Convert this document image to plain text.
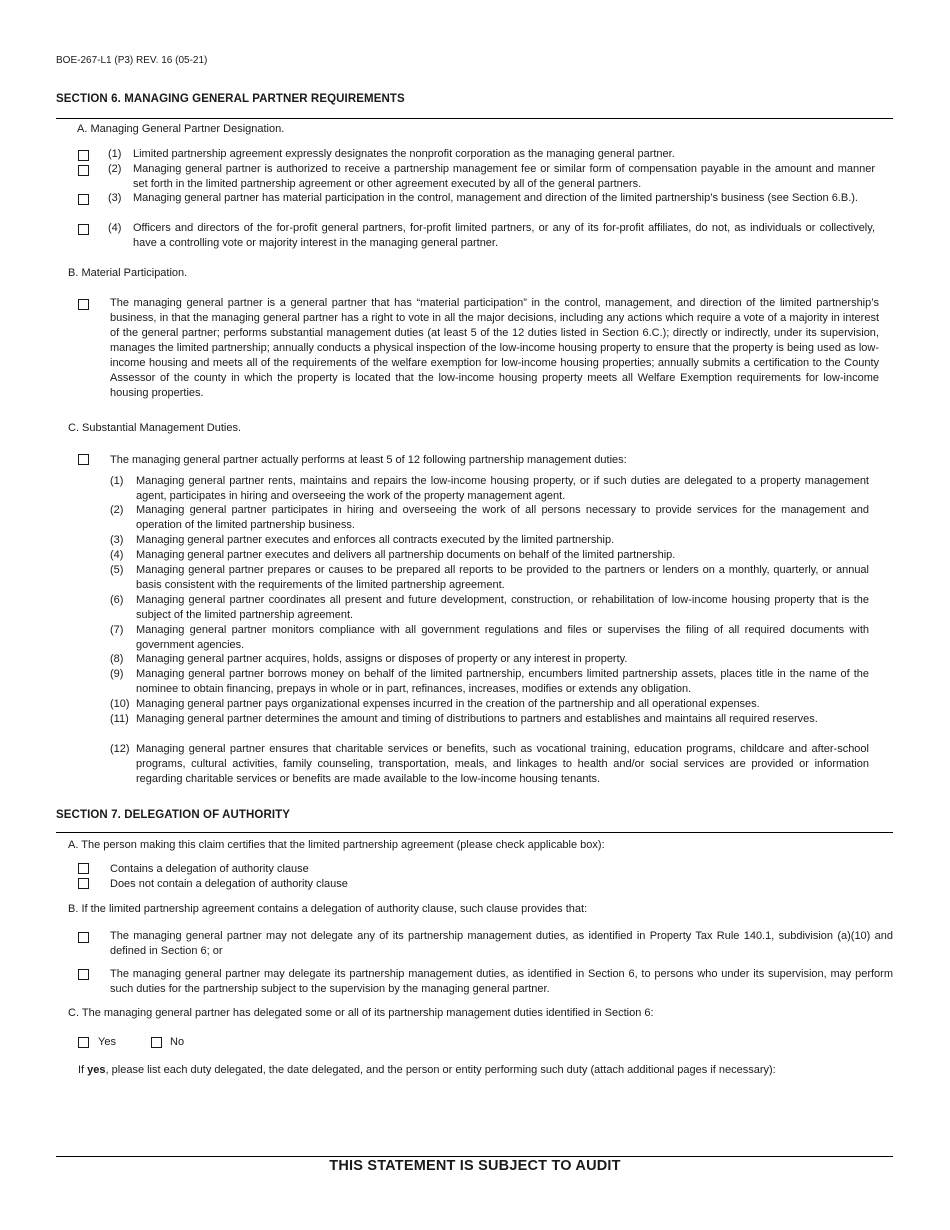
BOE-267-L1 (P3) REV. 16 (05-21)
SECTION 6. MANAGING GENERAL PARTNER REQUIREMENTS
A. Managing General Partner Designation.
(1) Limited partnership agreement expressly designates the nonprofit corporation as the managing general partner.
(2) Managing general partner is authorized to receive a partnership management fee or similar form of compensation payable in the amount and manner set forth in the limited partnership agreement or other agreement executed by all of the general partners.
(3) Managing general partner has material participation in the control, management and direction of the limited partnership’s business (see Section 6.B.).
(4) Officers and directors of the for-profit general partners, for-profit limited partners, or any of its for-profit affiliates, do not, as individuals or collectively, have a controlling vote or majority interest in the managing general partner.
B. Material Participation.
The managing general partner is a general partner that has “material participation” in the control, management, and direction of the limited partnership’s business, in that the managing general partner has a right to vote in all the major decisions, including any actions which require a vote of a majority in interest of the general partner; performs substantial management duties (at least 5 of the 12 duties listed in Section 6.C.); directly or indirectly, under its supervision, manages the limited partnership; annually conducts a physical inspection of the low-income housing property to ensure that the property is being used as low-income housing and meets all of the requirements of the welfare exemption for low-income housing properties; annually submits a certification to the County Assessor of the county in which the property is located that the low-income housing property meets all Welfare Exemption requirements for low-income housing properties.
C. Substantial Management Duties.
The managing general partner actually performs at least 5 of 12 following partnership management duties:
(1) Managing general partner rents, maintains and repairs the low-income housing property, or if such duties are delegated to a property management agent, participates in hiring and overseeing the work of the property management agent.
(2) Managing general partner participates in hiring and overseeing the work of all persons necessary to provide services for the management and operation of the limited partnership business.
(3) Managing general partner executes and enforces all contracts executed by the limited partnership.
(4) Managing general partner executes and delivers all partnership documents on behalf of the limited partnership.
(5) Managing general partner prepares or causes to be prepared all reports to be provided to the partners or lenders on a monthly, quarterly, or annual basis consistent with the requirements of the limited partnership agreement.
(6) Managing general partner coordinates all present and future development, construction, or rehabilitation of low-income housing property that is the subject of the limited partnership agreement.
(7) Managing general partner monitors compliance with all government regulations and files or supervises the filing of all required documents with government agencies.
(8) Managing general partner acquires, holds, assigns or disposes of property or any interest in property.
(9) Managing general partner borrows money on behalf of the limited partnership, encumbers limited partnership assets, places title in the name of the nominee to obtain financing, prepays in whole or in part, refinances, increases, modifies or extends any obligation.
(10) Managing general partner pays organizational expenses incurred in the creation of the partnership and all operational expenses.
(11) Managing general partner determines the amount and timing of distributions to partners and establishes and maintains all required reserves.
(12) Managing general partner ensures that charitable services or benefits, such as vocational training, education programs, childcare and after-school programs, cultural activities, family counseling, transportation, meals, and linkages to health and/or social services are provided or information regarding charitable services or benefits are made available to the low-income housing tenants.
SECTION 7. DELEGATION OF AUTHORITY
A. The person making this claim certifies that the limited partnership agreement (please check applicable box):
Contains a delegation of authority clause
Does not contain a delegation of authority clause
B. If the limited partnership agreement contains a delegation of authority clause, such clause provides that:
The managing general partner may not delegate any of its partnership management duties, as identified in Property Tax Rule 140.1, subdivision (a)(10) and defined in Section 6; or
The managing general partner may delegate its partnership management duties, as identified in Section 6, to persons who under its supervision, may perform such duties for the partnership subject to the supervision by the managing general partner.
C. The managing general partner has delegated some or all of its partnership management duties identified in Section 6:
Yes	No
If yes, please list each duty delegated, the date delegated, and the person or entity performing such duty (attach additional pages if necessary):
THIS STATEMENT IS SUBJECT TO AUDIT
